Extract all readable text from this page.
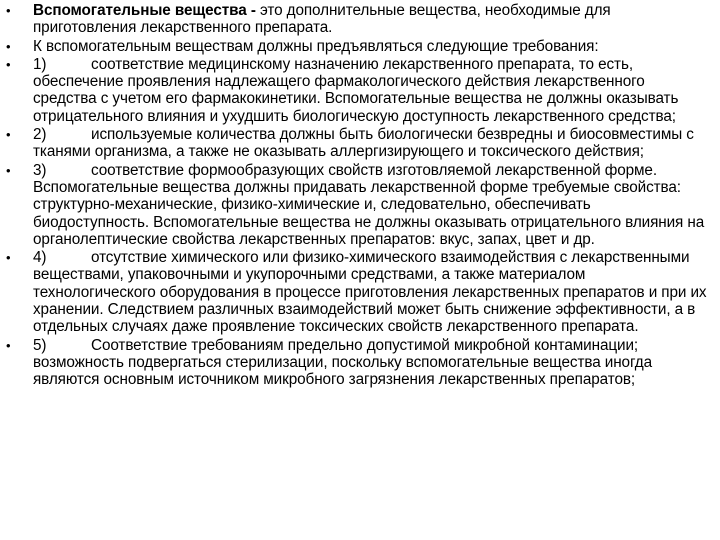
• Вспомогательные вещества - это дополнительные вещества, необходимые для приготовления лекарственного препарата.
• К вспомогательным веществам должны предъявляться следующие требования:
• 1)	соответствие медицинскому назначению лекарственного препарата, то есть, обеспечение проявления надлежащего фармакологического действия лекарственного средства с учетом его фармакокинетики. Вспомогательные вещества не должны оказывать отрицательного влияния и ухудшить биологическую доступность лекарственного средства;
• 2)	используемые количества должны быть биологически безвредны и биосовместимы с тканями организма, а также не оказывать аллергизирующего и токсического действия;
• 3)	соответствие формообразующих свойств изготовляемой лекарственной форме. Вспомогательные вещества должны придавать лекарственной форме требуемые свойства: структурно-механические, физико-химические и, следовательно, обеспечивать биодоступность. Вспомогательные вещества не должны оказывать отрицательного влияния на органолептические свойства лекарственных препаратов: вкус, запах, цвет и др.
• 4)	отсутствие химического или физико-химического взаимодействия с лекарственными веществами, упаковочными и укупорочными средствами, а также материалом технологического оборудования в процессе приготовления лекарственных препаратов и при их хранении. Следствием различных взаимодействий может быть снижение эффективности, а в отдельных случаях даже проявление токсических свойств лекарственного препарата.
• 5)	Соответствие требованиям предельно допустимой микробной контаминации; возможность подвергаться стерилизации, поскольку вспомогательные вещества иногда являются основным источником микробного загрязнения лекарственных препаратов;
